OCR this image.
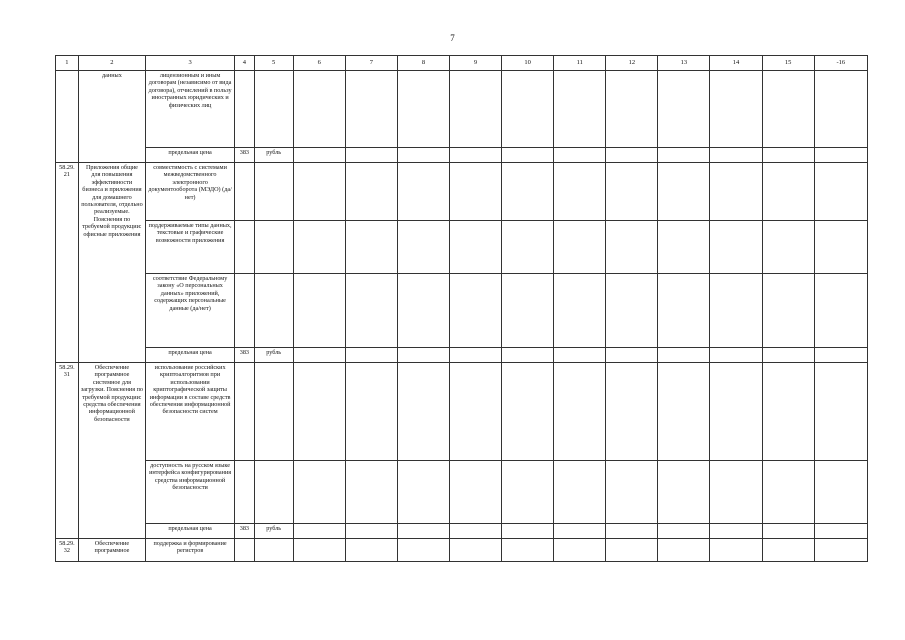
7
1	2	3	4	5	6	7	8	9	10	11	12	13	14	15	-16
	данных	лицензионным и иным договорам (независимо от вида договора), отчислений в пользу иностранных юридических и физических лиц													
		предельная цена	383	рубль											
58.29. 21	Приложения общие для повышения эффективности бизнеса и приложения для домашнего пользователя, отдельно реализуемые. Пояснения по требуемой продукции: офисные приложения	совместимость с системами межведомственного электронного документооборота (МЭДО) (да/нет)													
		поддерживаемые типы данных, текстовые и графические возможности приложения													
		соответствие Федеральному закону «О персональных данных» приложений, содержащих персональные данные (да/нет)													
		предельная цена	383	рубль											
58.29. 31	Обеспечение программное системное для загрузки. Пояснения по требуемой продукции: средства обеспечения информационной безопасности	использование российских криптоалгоритмов при использовании криптографической защиты информации в составе средств обеспечения информационной безопасности систем													
		доступность на русском языке интерфейса конфигурирования средства информационной безопасности													
		предельная цена	383	рубль											
58.29. 32	Обеспечение программное	поддержка и формирование регистров													
